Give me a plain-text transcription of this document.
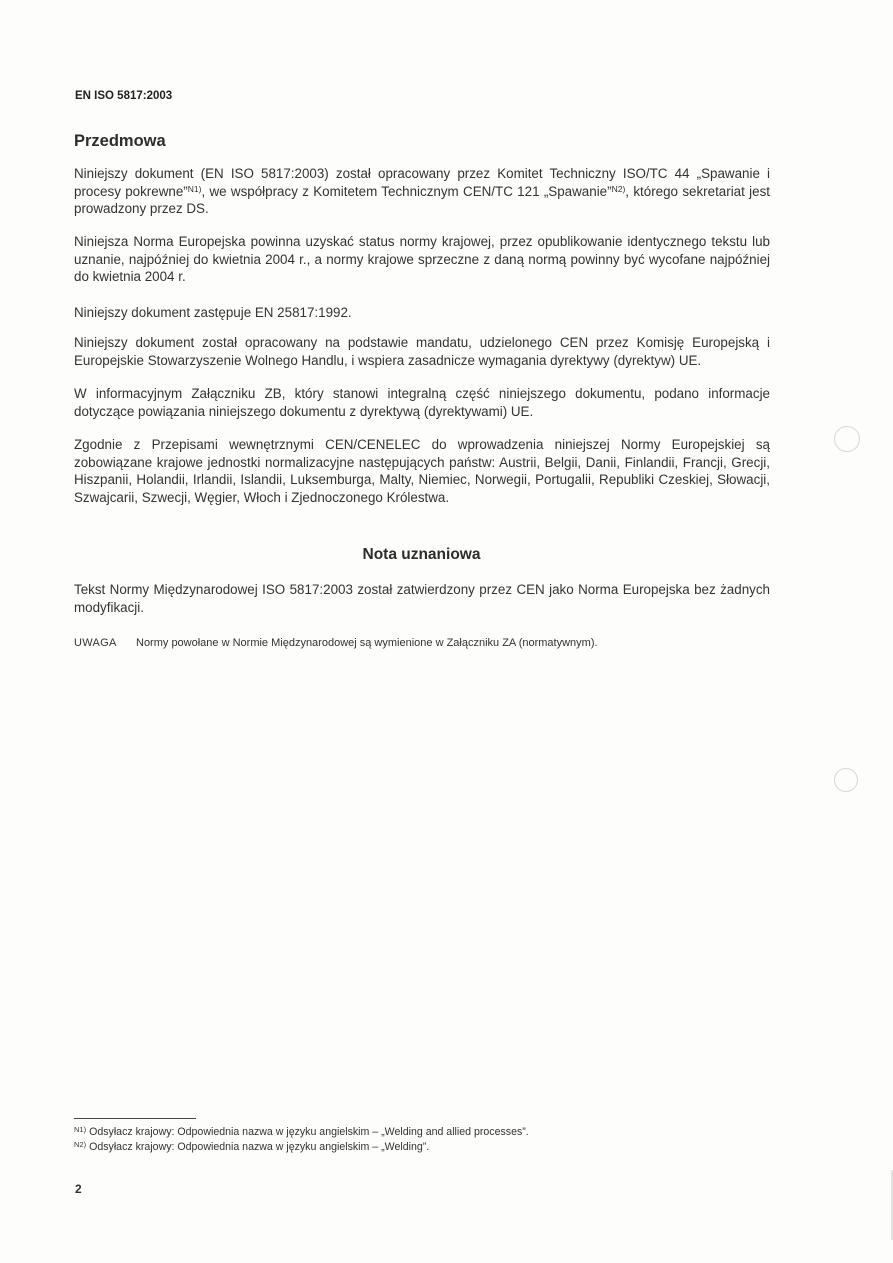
EN ISO 5817:2003
Przedmowa

Niniejszy dokument (EN ISO 5817:2003) został opracowany przez Komitet Techniczny ISO/TC 44 „Spawanie i procesy pokrewne”$^{N1)}$, we współpracy z Komitetem Technicznym CEN/TC 121 „Spawanie”$^{N2)}$, którego sekretariat jest prowadzony przez DS.

Niniejsza Norma Europejska powinna uzyskać status normy krajowej, przez opublikowanie identycznego tekstu lub uznanie, najpóźniej do kwietnia 2004 r., a normy krajowe sprzeczne z daną normą powinny być wycofane najpóźniej do kwietnia 2004 r.

Niniejszy dokument zastępuje EN 25817:1992.

Niniejszy dokument został opracowany na podstawie mandatu, udzielonego CEN przez Komisję Europejską i Europejskie Stowarzyszenie Wolnego Handlu, i wspiera zasadnicze wymagania dyrektywy (dyrektyw) UE.

W informacyjnym Załączniku ZB, który stanowi integralną część niniejszego dokumentu, podano informacje dotyczące powiązania niniejszego dokumentu z dyrektywą (dyrektywami) UE.

Zgodnie z Przepisami wewnętrznymi CEN/CENELEC do wprowadzenia niniejszej Normy Europejskiej są zobowiązane krajowe jednostki normalizacyjne następujących państw: Austrii, Belgii, Danii, Finlandii, Francji, Grecji, Hiszpanii, Holandii, Irlandii, Islandii, Luksemburga, Malty, Niemiec, Norwegii, Portugalii, Republiki Czeskiej, Słowacji, Szwajcarii, Szwecji, Węgier, Włoch i Zjednoczonego Królestwa.

Nota uznaniowa

Tekst Normy Międzynarodowej ISO 5817:2003 został zatwierdzony przez CEN jako Norma Europejska bez żadnych modyfikacji.

UWAGA Normy powołane w Normie Międzynarodowej są wymienione w Załączniku ZA (normatywnym).
$^{N1)}$ Odsyłacz krajowy: Odpowiednia nazwa w języku angielskim – „Welding and allied processes”.
$^{N2)}$ Odsyłacz krajowy: Odpowiednia nazwa w języku angielskim – „Welding”.
2
